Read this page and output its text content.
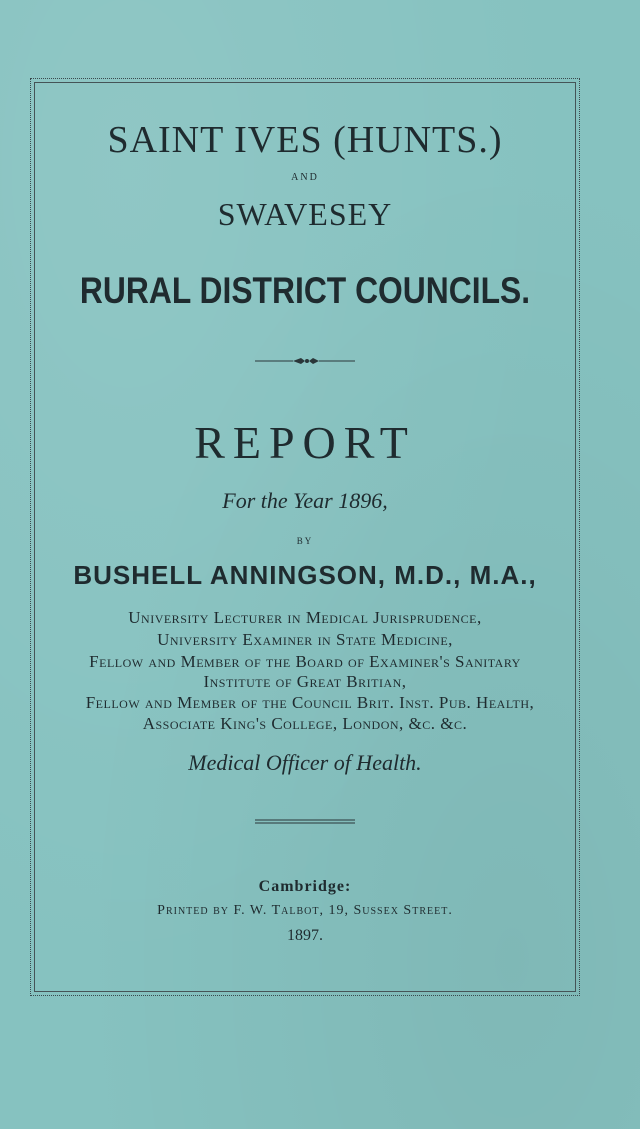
SAINT IVES (HUNTS.)
AND
SWAVESEY
RURAL DISTRICT COUNCILS.
REPORT
For the Year 1896,
BY
BUSHELL ANNINGSON, M.D., M.A.,
University Lecturer in Medical Jurisprudence,
University Examiner in State Medicine,
Fellow and Member of the Board of Examiner's Sanitary
Institute of Great Britian,
Fellow and Member of the Council Brit. Inst. Pub. Health,
Associate King's College, London, &c. &c.
Medical Officer of Health.
Cambridge:
Printed by F. W. Talbot, 19, Sussex Street.
1897.
